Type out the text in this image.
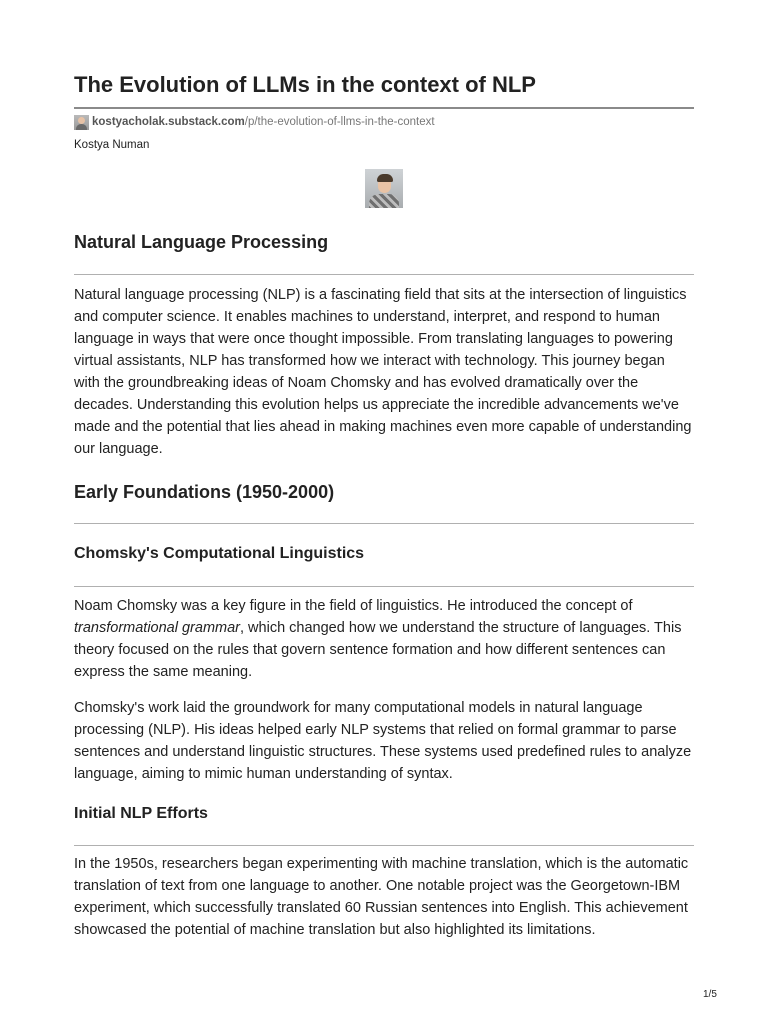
The Evolution of LLMs in the context of NLP
kostyacholak.substack.com/p/the-evolution-of-llms-in-the-context
Kostya Numan
Natural Language Processing

Natural language processing (NLP) is a fascinating field that sits at the intersection of linguistics and computer science. It enables machines to understand, interpret, and respond to human language in ways that were once thought impossible. From translating languages to powering virtual assistants, NLP has transformed how we interact with technology. This journey began with the groundbreaking ideas of Noam Chomsky and has evolved dramatically over the decades. Understanding this evolution helps us appreciate the incredible advancements we've made and the potential that lies ahead in making machines even more capable of understanding our language.

Early Foundations (1950-2000)
Chomsky's Computational Linguistics

Noam Chomsky was a key figure in the field of linguistics. He introduced the concept of transformational grammar, which changed how we understand the structure of languages. This theory focused on the rules that govern sentence formation and how different sentences can express the same meaning.

Chomsky's work laid the groundwork for many computational models in natural language processing (NLP). His ideas helped early NLP systems that relied on formal grammar to parse sentences and understand linguistic structures. These systems used predefined rules to analyze language, aiming to mimic human understanding of syntax.

Initial NLP Efforts

In the 1950s, researchers began experimenting with machine translation, which is the automatic translation of text from one language to another. One notable project was the Georgetown-IBM experiment, which successfully translated 60 Russian sentences into English. This achievement showcased the potential of machine translation but also highlighted its limitations.

1/5
